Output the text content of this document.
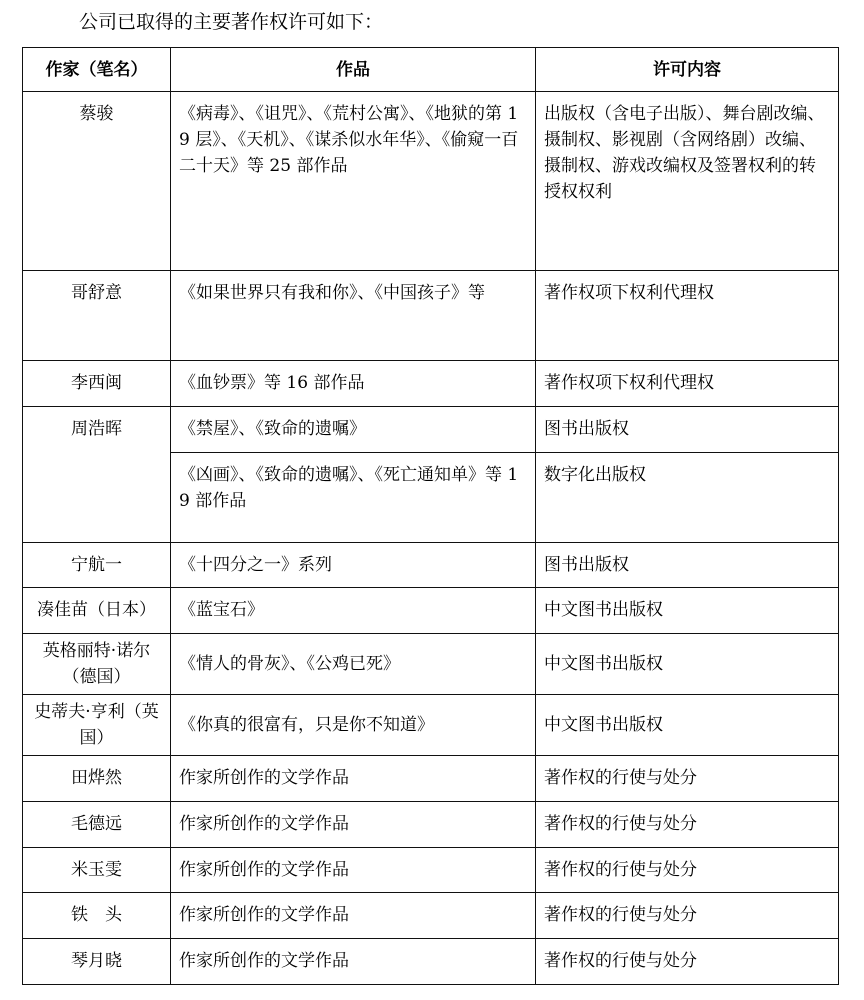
公司已取得的主要著作权许可如下：
作家（笔名）	作品	许可内容
蔡骏	《病毒》、《诅咒》、《荒村公寓》、《地狱的第 19 层》、《天机》、《谋杀似水年华》、《偷窥一百二十天》等 25 部作品	出版权（含电子出版）、舞台剧改编、摄制权、影视剧（含网络剧）改编、摄制权、游戏改编权及签署权利的转授权权利
哥舒意	《如果世界只有我和你》、《中国孩子》等	著作权项下权利代理权
李西闽	《血钞票》等 16 部作品	著作权项下权利代理权
周浩晖	《禁屋》、《致命的遗嘱》	图书出版权
	《凶画》、《致命的遗嘱》、《死亡通知单》等 19 部作品	数字化出版权
宁航一	《十四分之一》系列	图书出版权
凑佳苗（日本）	《蓝宝石》	中文图书出版权
英格丽特·诺尔（德国）	《情人的骨灰》、《公鸡已死》	中文图书出版权
史蒂夫·亨利（英国）	《你真的很富有，只是你不知道》	中文图书出版权
田烨然	作家所创作的文学作品	著作权的行使与处分
毛德远	作家所创作的文学作品	著作权的行使与处分
米玉雯	作家所创作的文学作品	著作权的行使与处分
铁　头	作家所创作的文学作品	著作权的行使与处分
琴月晓	作家所创作的文学作品	著作权的行使与处分
